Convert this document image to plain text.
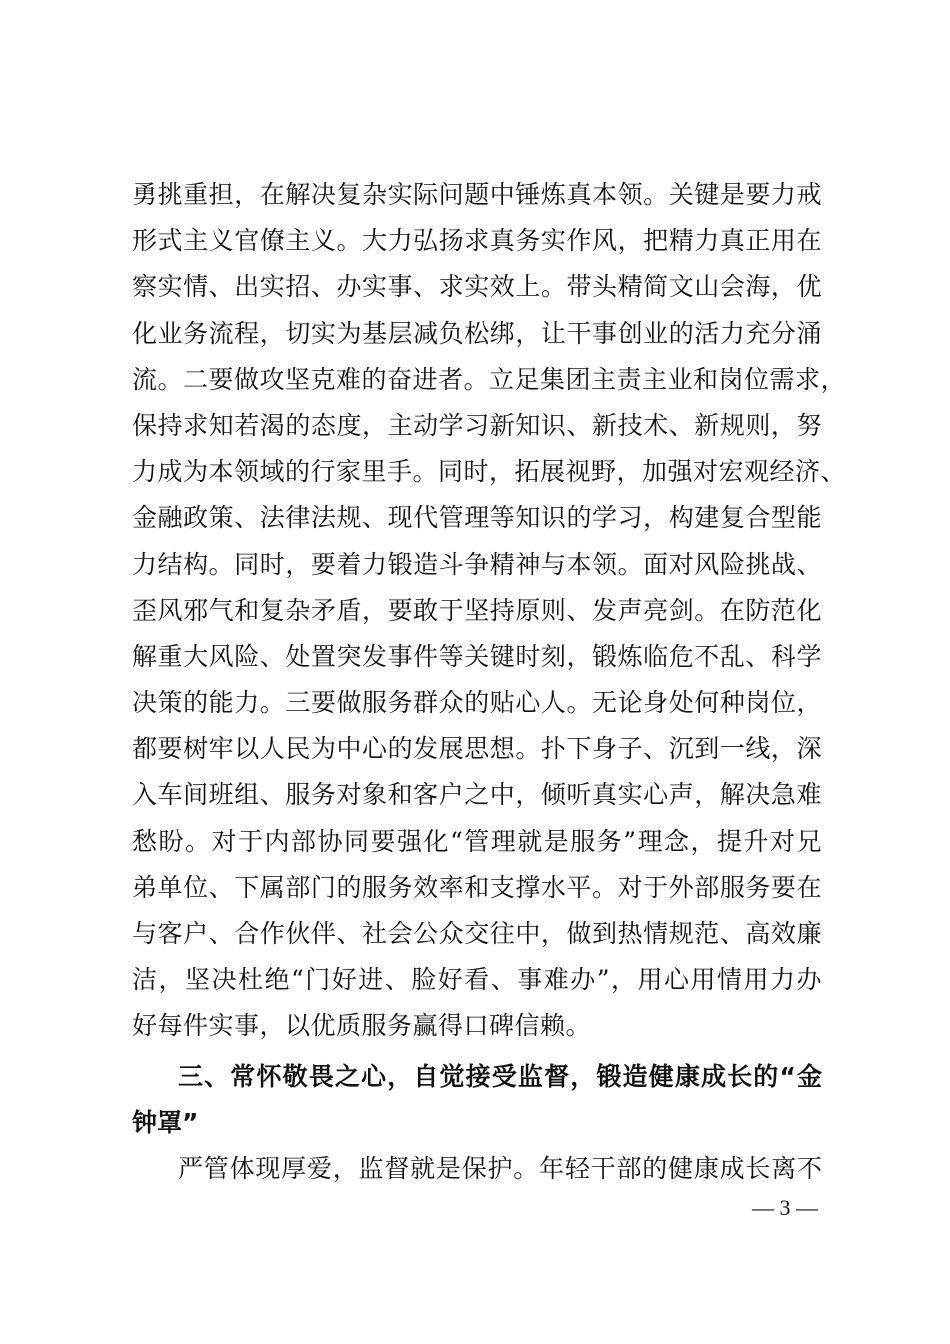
勇挑重担，在解决复杂实际问题中锤炼真本领。关键是要力戒
形式主义官僚主义。大力弘扬求真务实作风，把精力真正用在
察实情、出实招、办实事、求实效上。带头精简文山会海，优
化业务流程，切实为基层减负松绑，让干事创业的活力充分涌
流。二要做攻坚克难的奋进者。立足集团主责主业和岗位需求，
保持求知若渴的态度，主动学习新知识、新技术、新规则，努
力成为本领域的行家里手。同时，拓展视野，加强对宏观经济、
金融政策、法律法规、现代管理等知识的学习，构建复合型能
力结构。同时，要着力锻造斗争精神与本领。面对风险挑战、
歪风邪气和复杂矛盾，要敢于坚持原则、发声亮剑。在防范化
解重大风险、处置突发事件等关键时刻，锻炼临危不乱、科学
决策的能力。三要做服务群众的贴心人。无论身处何种岗位，
都要树牢以人民为中心的发展思想。扑下身子、沉到一线，深
入车间班组、服务对象和客户之中，倾听真实心声，解决急难
愁盼。对于内部协同要强化“管理就是服务”理念，提升对兄
弟单位、下属部门的服务效率和支撑水平。对于外部服务要在
与客户、合作伙伴、社会公众交往中，做到热情规范、高效廉
洁，坚决杜绝“门好进、脸好看、事难办”，用心用情用力办
好每件实事，以优质服务赢得口碑信赖。
三、常怀敬畏之心，自觉接受监督，锻造健康成长的“金
钟罩”
严管体现厚爱，监督就是保护。年轻干部的健康成长离不
— 3 —
